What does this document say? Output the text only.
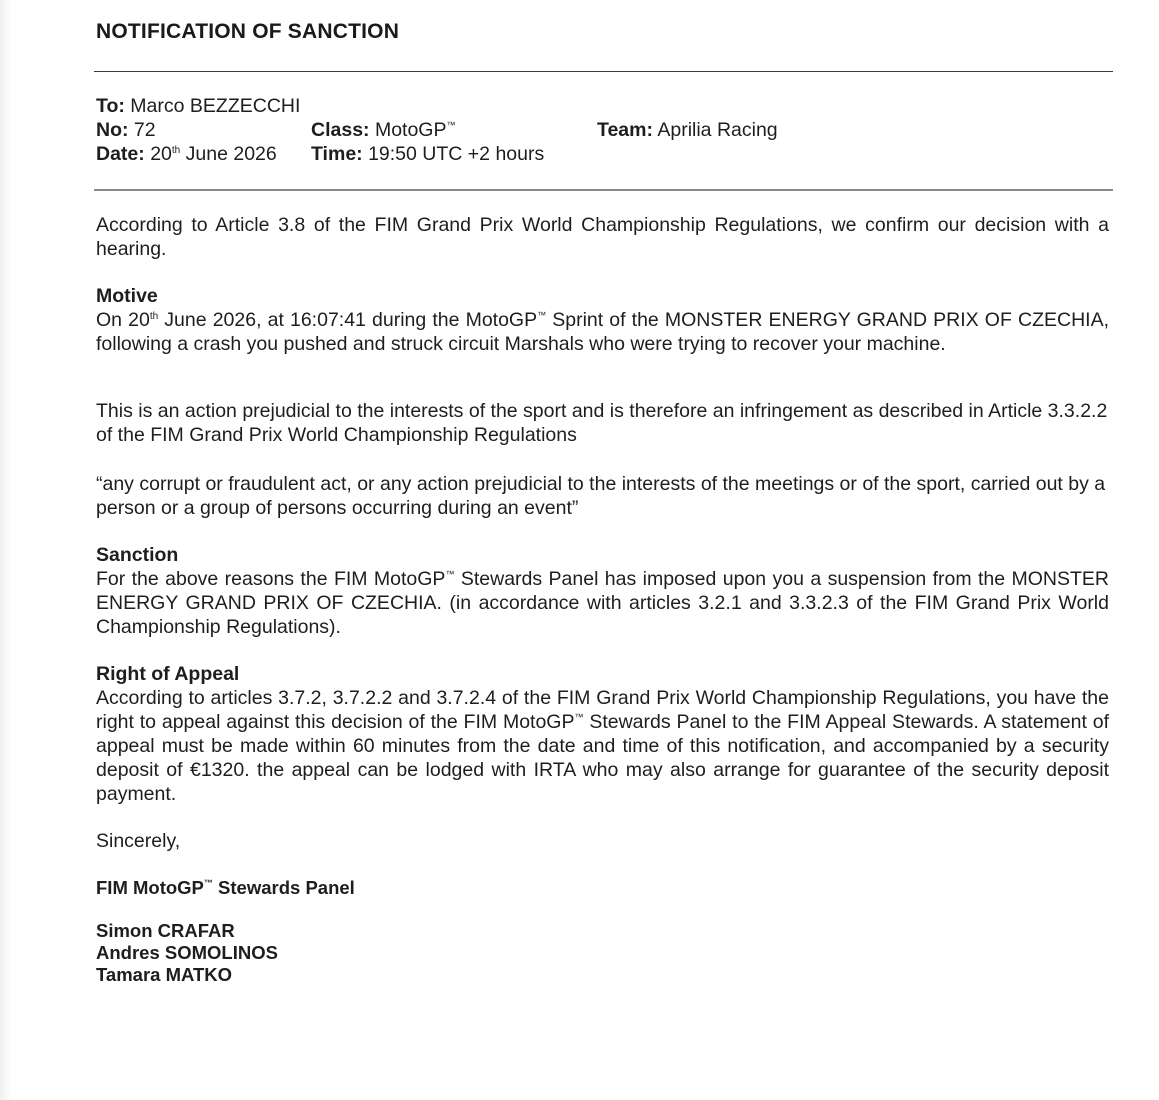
NOTIFICATION OF SANCTION
To: Marco BEZZECCHI
No: 72	Class: MotoGP™	Team: Aprilia Racing
Date: 20th June 2026 Time: 19:50 UTC +2 hours

According to Article 3.8 of the FIM Grand Prix World Championship Regulations, we confirm our decision with a hearing.

Motive

On 20th June 2026, at 16:07:41 during the MotoGP™ Sprint of the MONSTER ENERGY GRAND PRIX OF CZECHIA, following a crash you pushed and struck circuit Marshals who were trying to recover your machine.

This is an action prejudicial to the interests of the sport and is therefore an infringement as described in Article 3.3.2.2 of the FIM Grand Prix World Championship Regulations

“any corrupt or fraudulent act, or any action prejudicial to the interests of the meetings or of the sport, carried out by a person or a group of persons occurring during an event”

Sanction

For the above reasons the FIM MotoGP™ Stewards Panel has imposed upon you a suspension from the MONSTER ENERGY GRAND PRIX OF CZECHIA. (in accordance with articles 3.2.1 and 3.3.2.3 of the FIM Grand Prix World Championship Regulations).

Right of Appeal

According to articles 3.7.2, 3.7.2.2 and 3.7.2.4 of the FIM Grand Prix World Championship Regulations, you have the right to appeal against this decision of the FIM MotoGP™ Stewards Panel to the FIM Appeal Stewards. A statement of appeal must be made within 60 minutes from the date and time of this notification, and accompanied by a security deposit of €1320. the appeal can be lodged with IRTA who may also arrange for guarantee of the security deposit payment.

Sincerely,

FIM MotoGP™ Stewards Panel
Simon CRAFAR
Andres SOMOLINOS
Tamara MATKO
